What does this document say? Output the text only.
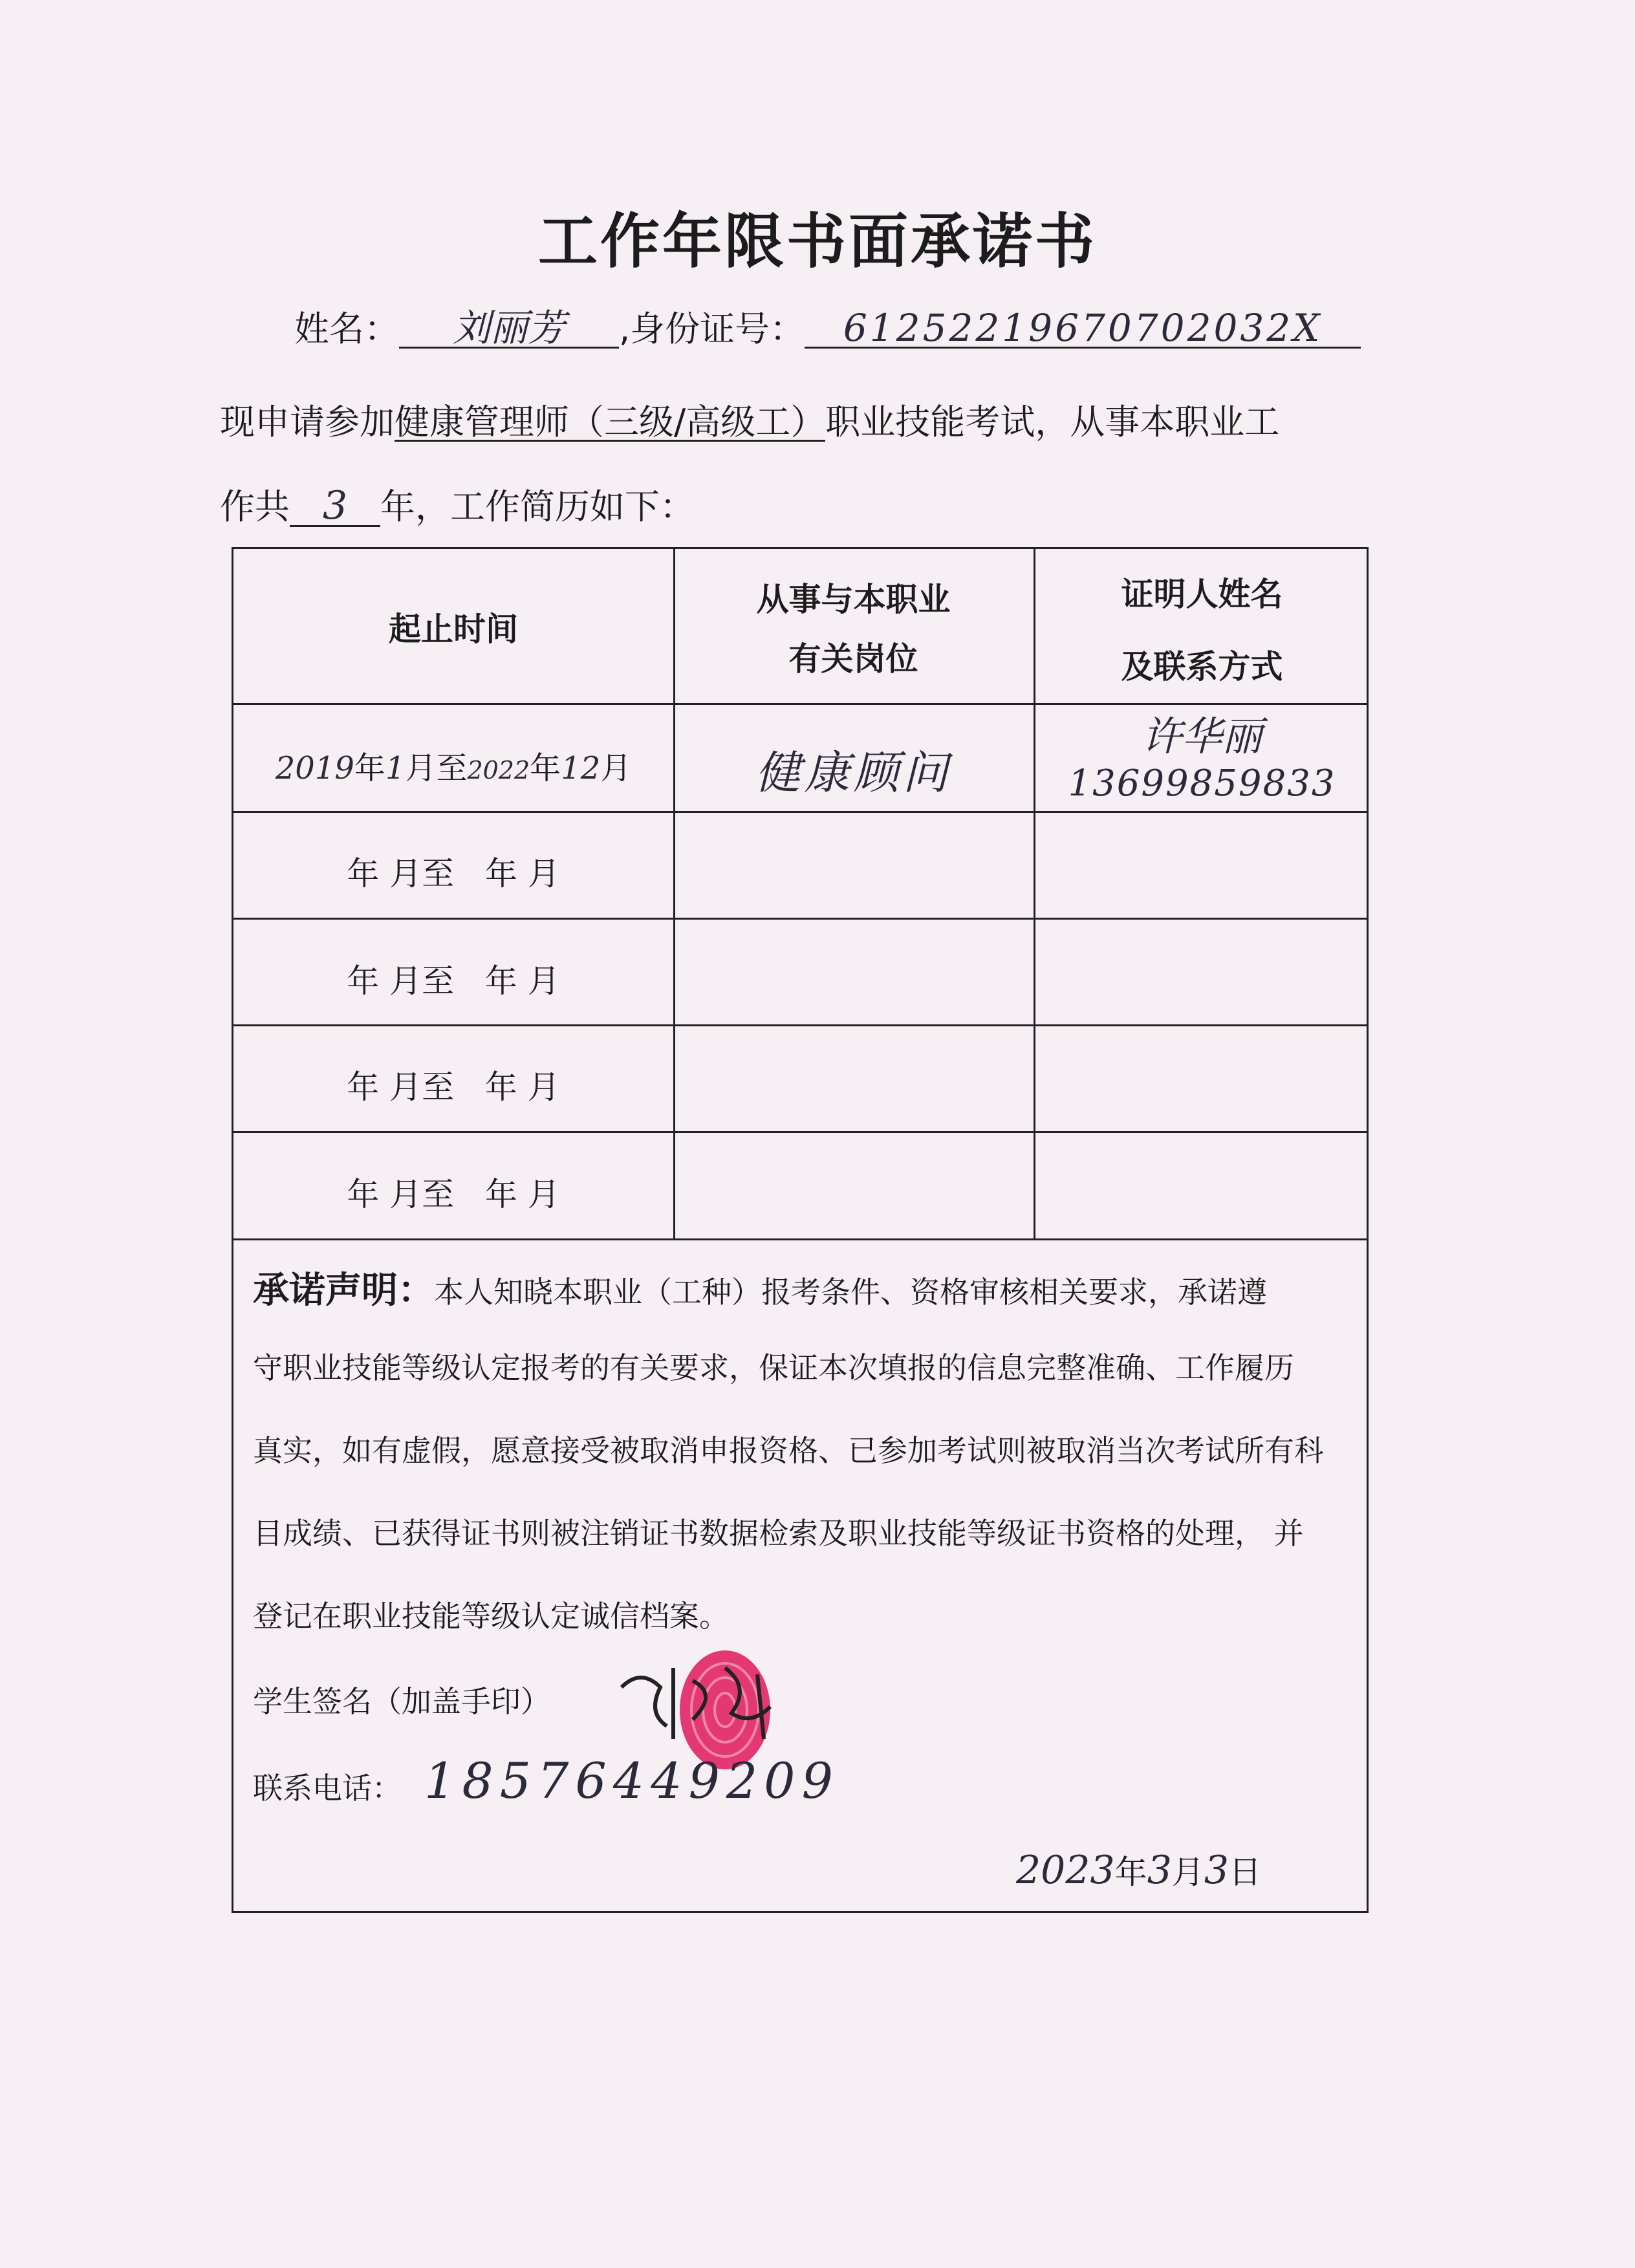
工作年限书面承诺书
姓名： 刘丽芳 ,身份证号： 61252219670702032X
现申请参加健康管理师（三级/高级工）职业技能考试，从事本职业工
作共 3 年，工作简历如下：
起止时间
从事与本职业
有关岗位
证明人姓名
及联系方式
2019年1月至2022年12月	健康顾问
许华丽
13699859833
年 月至   年 月
年 月至   年 月
年 月至   年 月
年 月至   年 月
承诺声明：本人知晓本职业（工种）报考条件、资格审核相关要求，承诺遵
守职业技能等级认定报考的有关要求，保证本次填报的信息完整准确、工作履历
真实，如有虚假，愿意接受被取消申报资格、已参加考试则被取消当次考试所有科
目成绩、已获得证书则被注销证书数据检索及职业技能等级证书资格的处理， 并
登记在职业技能等级认定诚信档案。
学生签名（加盖手印）
联系电话： 18576449209
2023年3月3日
